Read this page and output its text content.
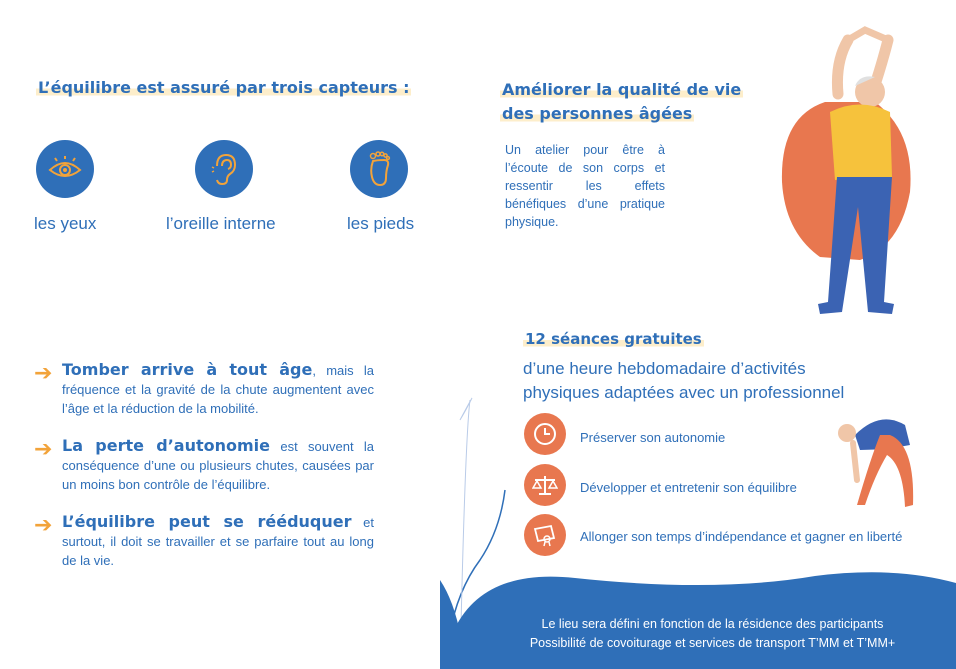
L’équilibre est assuré par trois capteurs :
les yeux	l’oreille interne	les pieds
Améliorer la qualité de vie
des personnes âgées
Un atelier pour être à l’écoute de son corps et ressentir les effets bénéfiques d’une pratique physique.
➔ Tomber arrive à tout âge, mais la fréquence et la gravité de la chute augmentent avec l’âge et la réduction de la mobilité.
➔ La perte d’autonomie est souvent la conséquence d’une ou plusieurs chutes, causées par un moins bon contrôle de l’équilibre.
➔ L’équilibre peut se rééduquer et surtout, il doit se travailler et se parfaire tout au long de la vie.
12 séances gratuites
d’une heure hebdomadaire d’activités
physiques adaptées avec un professionnel
Préserver son autonomie
Développer et entretenir son équilibre
Allonger son temps d’indépendance et gagner en liberté
Le lieu sera défini en fonction de la résidence des participants
Possibilité de covoiturage et services de transport T’MM et T’MM+
